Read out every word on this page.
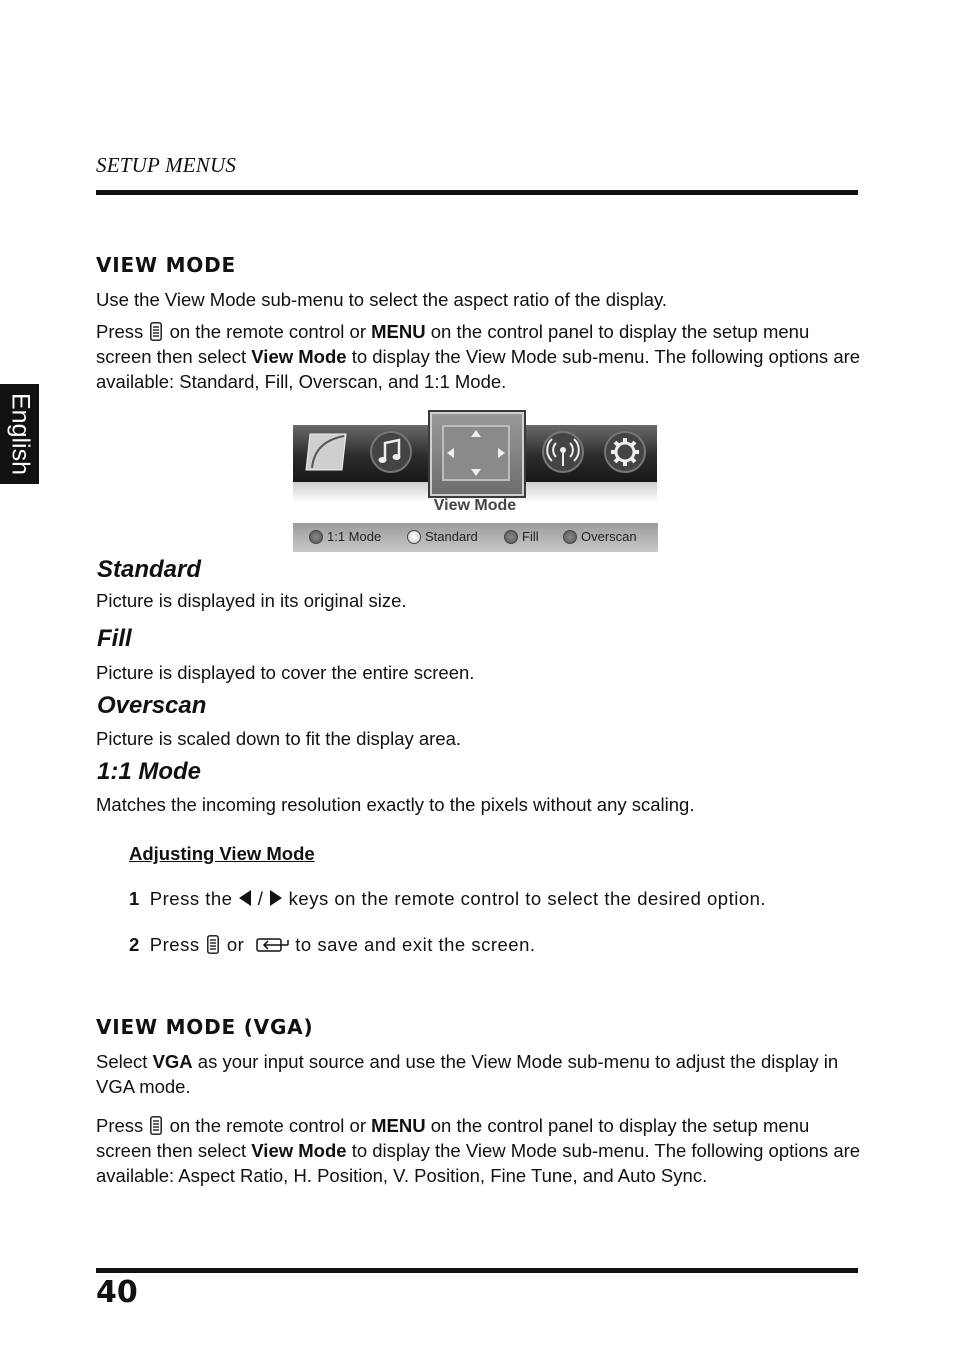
SETUP MENUS
English
VIEW MODE

Use the View Mode sub-menu to select the aspect ratio of the display.

Press on the remote control or MENU on the control panel to display the setup menu screen then select View Mode to display the View Mode sub-menu. The following options are available: Standard, Fill, Overscan, and 1:1 Mode.

View Mode
1:1 Mode	Standard	Fill	Overscan
Standard

Picture is displayed in its original size.

Fill

Picture is displayed to cover the entire screen.

Overscan

Picture is scaled down to fit the display area.

1:1 Mode

Matches the incoming resolution exactly to the pixels without any scaling.

Adjusting View Mode
1 Press the / keys on the remote control to select the desired option.
2 Press or	to save and exit the screen.
VIEW MODE (VGA)

Select VGA as your input source and use the View Mode sub-menu to adjust the display in VGA mode.

Press on the remote control or MENU on the control panel to display the setup menu screen then select View Mode to display the View Mode sub-menu. The following options are available: Aspect Ratio, H. Position, V. Position, Fine Tune, and Auto Sync.

40
